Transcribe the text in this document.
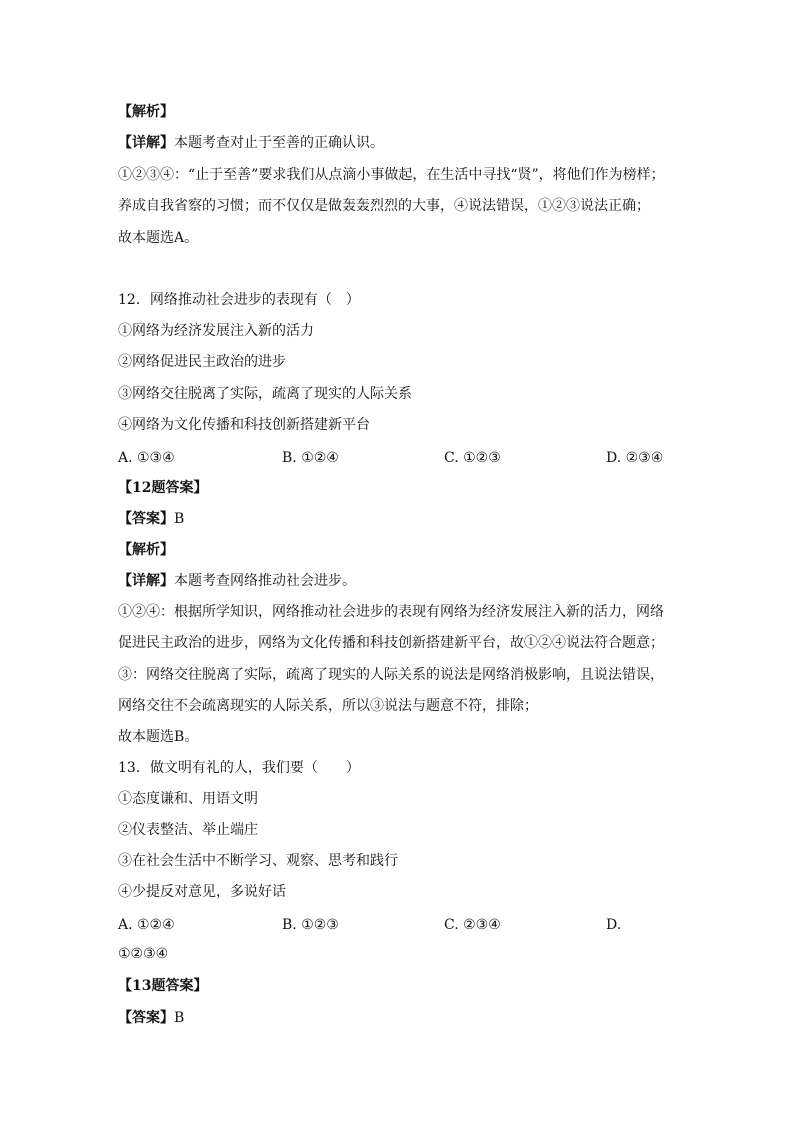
【解析】
【详解】本题考查对止于至善的正确认识。
①②③④：“止于至善”要求我们从点滴小事做起，在生活中寻找“贤”，将他们作为榜样；
养成自我省察的习惯；而不仅仅是做轰轰烈烈的大事，④说法错误，①②③说法正确；
故本题选A。
12．网络推动社会进步的表现有（　）
①网络为经济发展注入新的活力
②网络促进民主政治的进步
③网络交往脱离了实际，疏离了现实的人际关系
④网络为文化传播和科技创新搭建新平台
A. ①③④	B. ①②④	C. ①②③	D. ②③④
【12题答案】
【答案】B
【解析】
【详解】本题考查网络推动社会进步。
①②④：根据所学知识，网络推动社会进步的表现有网络为经济发展注入新的活力，网络
促进民主政治的进步，网络为文化传播和科技创新搭建新平台，故①②④说法符合题意；
③：网络交往脱离了实际，疏离了现实的人际关系的说法是网络消极影响，且说法错误，
网络交往不会疏离现实的人际关系，所以③说法与题意不符，排除；
故本题选B。
13．做文明有礼的人，我们要（　　）
①态度谦和、用语文明
②仪表整洁、举止端庄
③在社会生活中不断学习、观察、思考和践行
④少提反对意见，多说好话
A. ①②④	B. ①②③	C. ②③④	D.
①②③④
【13题答案】
【答案】B
